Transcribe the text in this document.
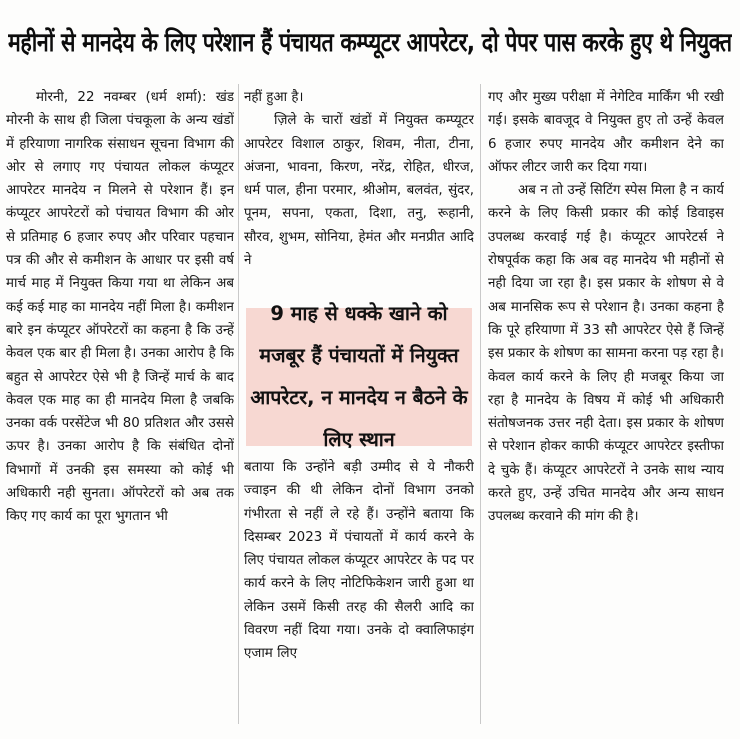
महीनों से मानदेय के लिए परेशान हैं पंचायत कम्प्यूटर आपरेटर, दो पेपर पास करके हुए थे नियुक्त

मोरनी, 22 नवम्बर (धर्म शर्मा): खंड मोरनी के साथ ही जिला पंचकूला के अन्य खंडों में हरियाणा नागरिक संसाधन सूचना विभाग की ओर से लगाए गए पंचायत लोकल कंप्यूटर आपरेटर मानदेय न मिलने से परेशान हैं। इन कंप्यूटर आपरेटरों को पंचायत विभाग की ओर से प्रतिमाह 6 हजार रुपए और परिवार पहचान पत्र की और से कमीशन के आधार पर इसी वर्ष मार्च माह में नियुक्त किया गया था लेकिन अब कई कई माह का मानदेय नहीं मिला है। कमीशन बारे इन कंप्यूटर ऑपरेटरों का कहना है कि उन्हें केवल एक बार ही मिला है। उनका आरोप है कि बहुत से आपरेटर ऐसे भी है जिन्हें मार्च के बाद केवल एक माह का ही मानदेय मिला है जबकि उनका वर्क परसेंटेज भी 80 प्रतिशत और उससे ऊपर है। उनका आरोप है कि संबंधित दोनों विभागों में उनकी इस समस्या को कोई भी अधिकारी नही सुनता। ऑपरेटरों को अब तक किए गए कार्य का पूरा भुगतान भी

नहीं हुआ है।

ज़िले के चारों खंडों में नियुक्त कम्प्यूटर आपरेटर विशाल ठाकुर, शिवम, नीता, टीना, अंजना, भावना, किरण, नरेंद्र, रोहित, धीरज, धर्म पाल, हीना परमार, श्रीओम, बलवंत, सुंदर, पूनम, सपना, एकता, दिशा, तनु, रूहानी, सौरव, शुभम, सोनिया, हेमंत और मनप्रीत आदि ने

बताया कि उन्होंने बड़ी उम्मीद से ये नौकरी ज्वाइन की थी लेकिन दोनों विभाग उनको गंभीरता से नहीं ले रहे हैं। उन्होंने बताया कि दिसम्बर 2023 में पंचायतों में कार्य करने के लिए पंचायत लोकल कंप्यूटर आपरेटर के पद पर कार्य करने के लिए नोटिफिकेशन जारी हुआ था लेकिन उसमें किसी तरह की सैलरी आदि का विवरण नहीं दिया गया। उनके दो क्वालिफाइंग एजाम लिए

9 माह से धक्के खाने को मजबूर हैं पंचायतों में नियुक्त आपरेटर, न मानदेय न बैठने के लिए स्थान

गए और मुख्य परीक्षा में नेगेटिव मार्किंग भी रखी गई। इसके बावजूद वे नियुक्त हुए तो उन्हें केवल 6 हजार रुपए मानदेय और कमीशन देने का ऑफर लीटर जारी कर दिया गया।

अब न तो उन्हें सिटिंग स्पेस मिला है न कार्य करने के लिए किसी प्रकार की कोई डिवाइस उपलब्ध करवाई गई है। कंप्यूटर आपरेटर्स ने रोषपूर्वक कहा कि अब वह मानदेय भी महीनों से नही दिया जा रहा है। इस प्रकार के शोषण से वे अब मानसिक रूप से परेशान है। उनका कहना है कि पूरे हरियाणा में 33 सौ आपरेटर ऐसे हैं जिन्हें इस प्रकार के शोषण का सामना करना पड़ रहा है। केवल कार्य करने के लिए ही मजबूर किया जा रहा है मानदेय के विषय में कोई भी अधिकारी संतोषजनक उत्तर नही देता। इस प्रकार के शोषण से परेशान होकर काफी कंप्यूटर आपरेटर इस्तीफा दे चुके हैं। कंप्यूटर आपरेटरों ने उनके साथ न्याय करते हुए, उन्हें उचित मानदेय और अन्य साधन उपलब्ध करवाने की मांग की है।
